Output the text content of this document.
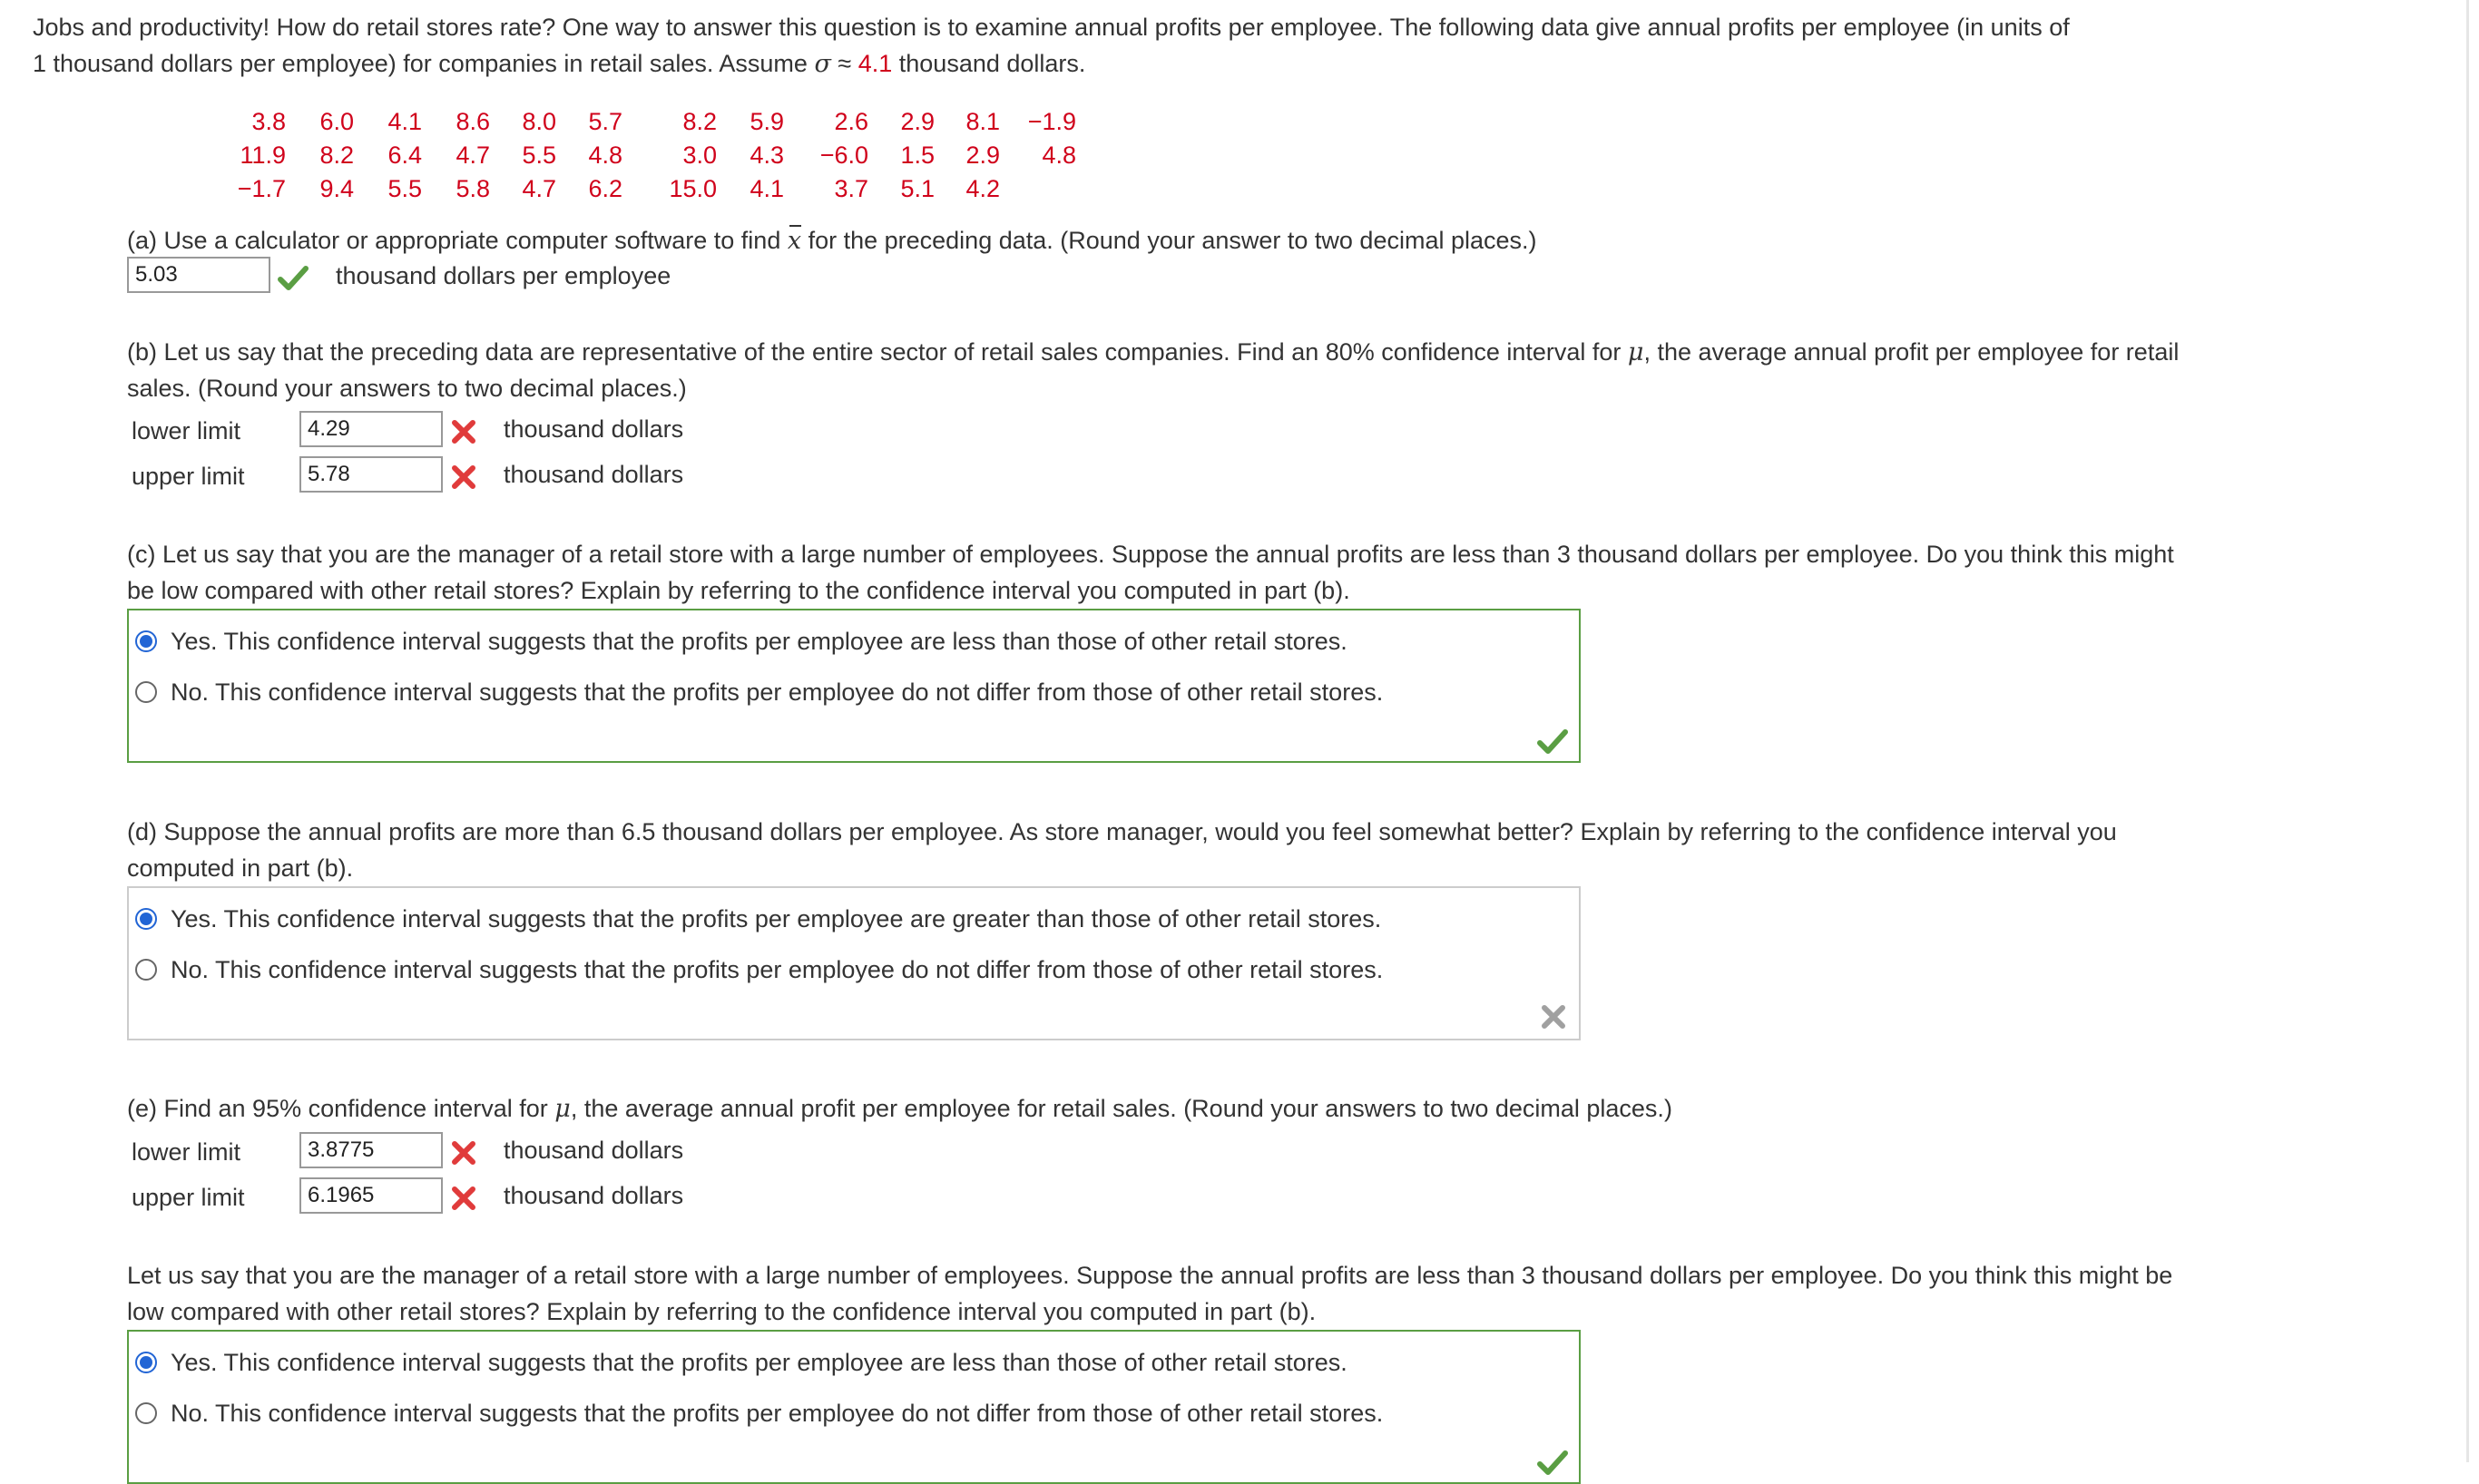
Jobs and productivity! How do retail stores rate? One way to answer this question is to examine annual profits per employee. The following data give annual profits per employee (in units of
1 thousand dollars per employee) for companies in retail sales. Assume σ ≈ 4.1 thousand dollars.
3.8	6.0	4.1	8.6	8.0	5.7	8.2	5.9	2.6	2.9	8.1	−1.9
11.9	8.2	6.4	4.7	5.5	4.8	3.0	4.3	−6.0	1.5	2.9	4.8
−1.7	9.4	5.5	5.8	4.7	6.2	15.0	4.1	3.7	5.1	4.2
(a) Use a calculator or appropriate computer software to find x for the preceding data. (Round your answer to two decimal places.)
5.03	thousand dollars per employee
(b) Let us say that the preceding data are representative of the entire sector of retail sales companies. Find an 80% confidence interval for μ, the average annual profit per employee for retail
sales. (Round your answers to two decimal places.)
lower limit	4.29	thousand dollars
upper limit	5.78	thousand dollars
(c) Let us say that you are the manager of a retail store with a large number of employees. Suppose the annual profits are less than 3 thousand dollars per employee. Do you think this might
be low compared with other retail stores? Explain by referring to the confidence interval you computed in part (b).
Yes. This confidence interval suggests that the profits per employee are less than those of other retail stores.
No. This confidence interval suggests that the profits per employee do not differ from those of other retail stores.
(d) Suppose the annual profits are more than 6.5 thousand dollars per employee. As store manager, would you feel somewhat better? Explain by referring to the confidence interval you
computed in part (b).
Yes. This confidence interval suggests that the profits per employee are greater than those of other retail stores.
No. This confidence interval suggests that the profits per employee do not differ from those of other retail stores.
(e) Find an 95% confidence interval for μ, the average annual profit per employee for retail sales. (Round your answers to two decimal places.)
lower limit	3.8775	thousand dollars
upper limit	6.1965	thousand dollars
Let us say that you are the manager of a retail store with a large number of employees. Suppose the annual profits are less than 3 thousand dollars per employee. Do you think this might be
low compared with other retail stores? Explain by referring to the confidence interval you computed in part (b).
Yes. This confidence interval suggests that the profits per employee are less than those of other retail stores.
No. This confidence interval suggests that the profits per employee do not differ from those of other retail stores.
